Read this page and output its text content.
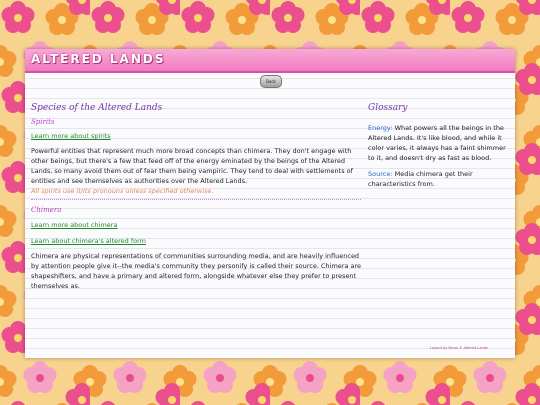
ALTERED LANDS
Back
Species of the Altered Lands
Spirits
Learn more about spirits

Powerful entities that represent much more broad concepts than chimera. They don't engage with other beings, but there's a few that feed off of the energy eminated by the beings of the Altered Lands, so many avoid them out of fear them being vampiric. They tend to deal with settlements of entities and see themselves as authorities over the Altered Lands.

All spirits use it/its pronouns unless specified otherwise.
Chimera
Learn more about chimera
Learn about chimera's altered form

Chimera are physical representations of communities surrounding media, and are heavily influenced by attention people give it--the media's community they personify is called their source. Chimera are shapeshifters, and have a primary and altered form, alongside whatever else they prefer to present themselves as.

Glossary

Energy: What powers all the beings in the Altered Lands. It's like blood, and while it color varies, it always has a faint shimmer to it, and doesn't dry as fast as blood.

Source: Media chimera get their characteristics from.

Layout by Moon © Altered Lands
